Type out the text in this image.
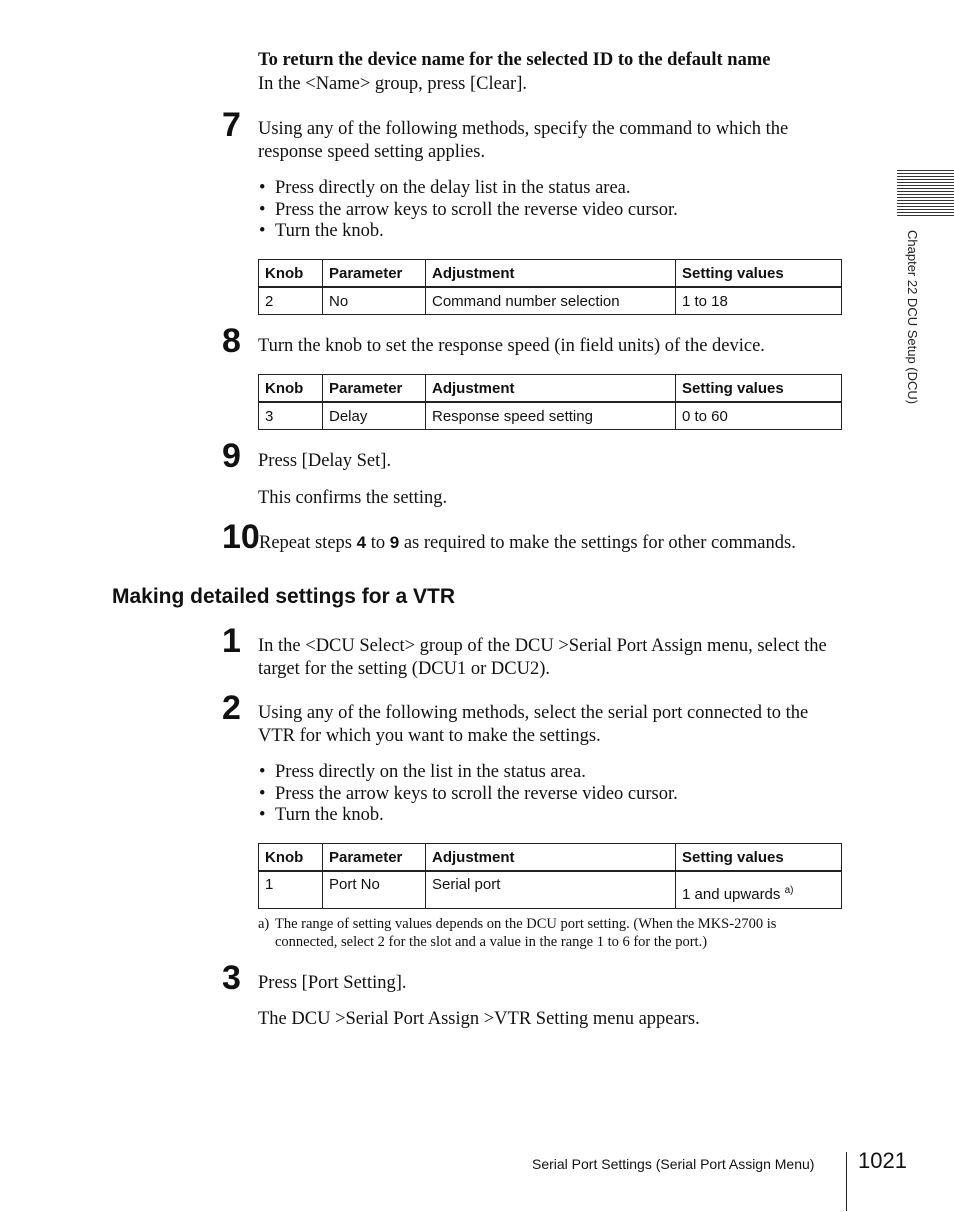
To return the device name for the selected ID to the default name
In the <Name> group, press [Clear].
7 Using any of the following methods, specify the command to which the response speed setting applies.
• Press directly on the delay list in the status area.
• Press the arrow keys to scroll the reverse video cursor.
• Turn the knob.
Knob	Parameter	Adjustment	Setting values
2	No	Command number selection	1 to 18
8 Turn the knob to set the response speed (in field units) of the device.
Knob	Parameter	Adjustment	Setting values
3	Delay	Response speed setting	0 to 60
9 Press [Delay Set].
This confirms the setting.
10 Repeat steps 4 to 9 as required to make the settings for other commands.
Making detailed settings for a VTR
1 In the <DCU Select> group of the DCU >Serial Port Assign menu, select the target for the setting (DCU1 or DCU2).
2 Using any of the following methods, select the serial port connected to the VTR for which you want to make the settings.
• Press directly on the list in the status area.
• Press the arrow keys to scroll the reverse video cursor.
• Turn the knob.
Knob	Parameter	Adjustment	Setting values
1	Port No	Serial port	1 and upwards $^{a)}$
a) The range of setting values depends on the DCU port setting. (When the MKS-2700 is connected, select 2 for the slot and a value in the range 1 to 6 for the port.)
3 Press [Port Setting].
The DCU >Serial Port Assign >VTR Setting menu appears.
Chapter 22 DCU Setup (DCU)
Serial Port Settings (Serial Port Assign Menu) 1021
